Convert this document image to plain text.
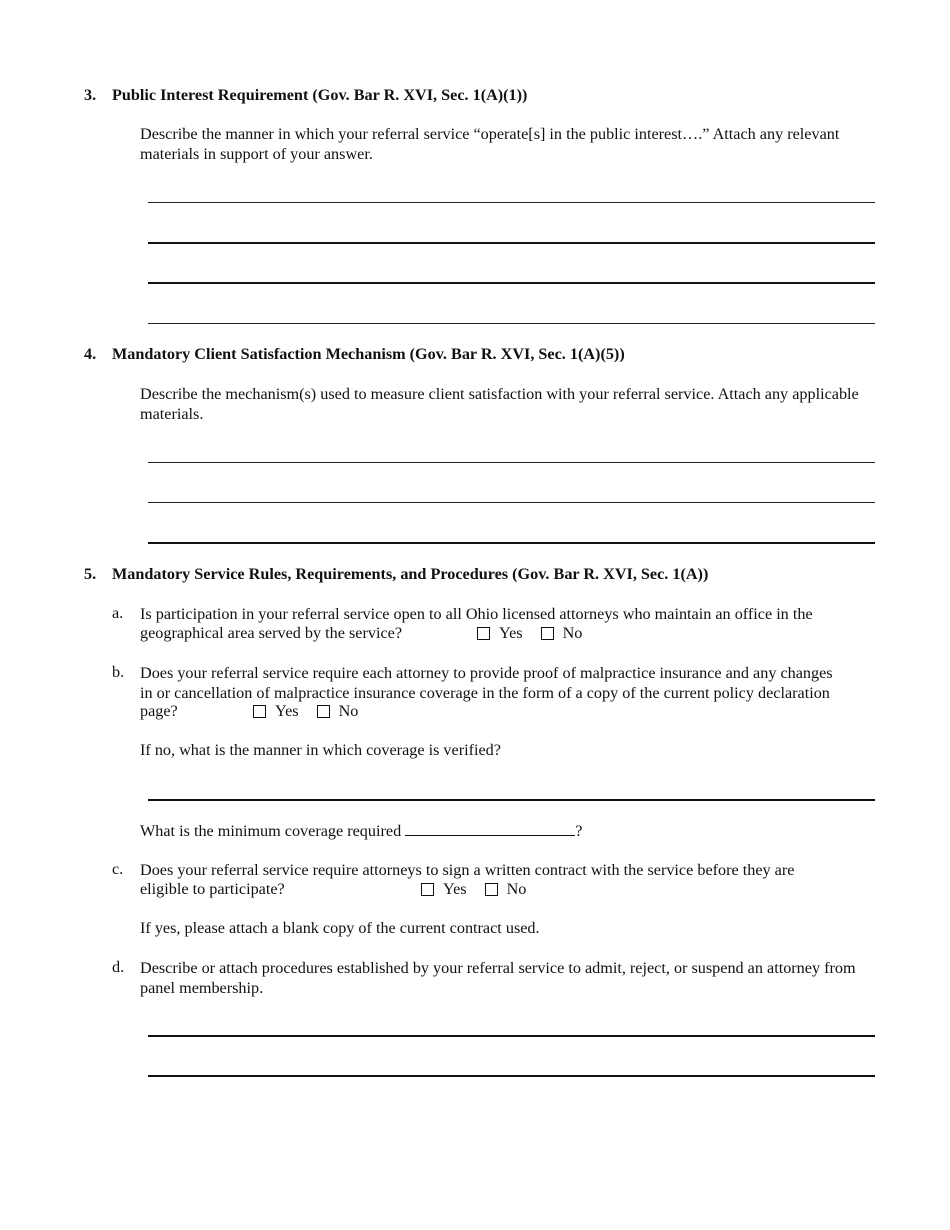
3. Public Interest Requirement (Gov. Bar R. XVI, Sec. 1(A)(1))
Describe the manner in which your referral service “operate[s] in the public interest….” Attach any relevant materials in support of your answer.
4. Mandatory Client Satisfaction Mechanism (Gov. Bar R. XVI, Sec. 1(A)(5))
Describe the mechanism(s) used to measure client satisfaction with your referral service. Attach any applicable materials.
5. Mandatory Service Rules, Requirements, and Procedures (Gov. Bar R. XVI, Sec. 1(A))
a. Is participation in your referral service open to all Ohio licensed attorneys who maintain an office in the
geographical area served by the service?	Yes No
b. Does your referral service require each attorney to provide proof of malpractice insurance and any changes
in or cancellation of malpractice insurance coverage in the form of a copy of the current policy declaration
page?	Yes No
If no, what is the manner in which coverage is verified?
What is the minimum coverage required	?
c. Does your referral service require attorneys to sign a written contract with the service before they are
eligible to participate?	Yes No
If yes, please attach a blank copy of the current contract used.
d. Describe or attach procedures established by your referral service to admit, reject, or suspend an attorney from panel membership.
